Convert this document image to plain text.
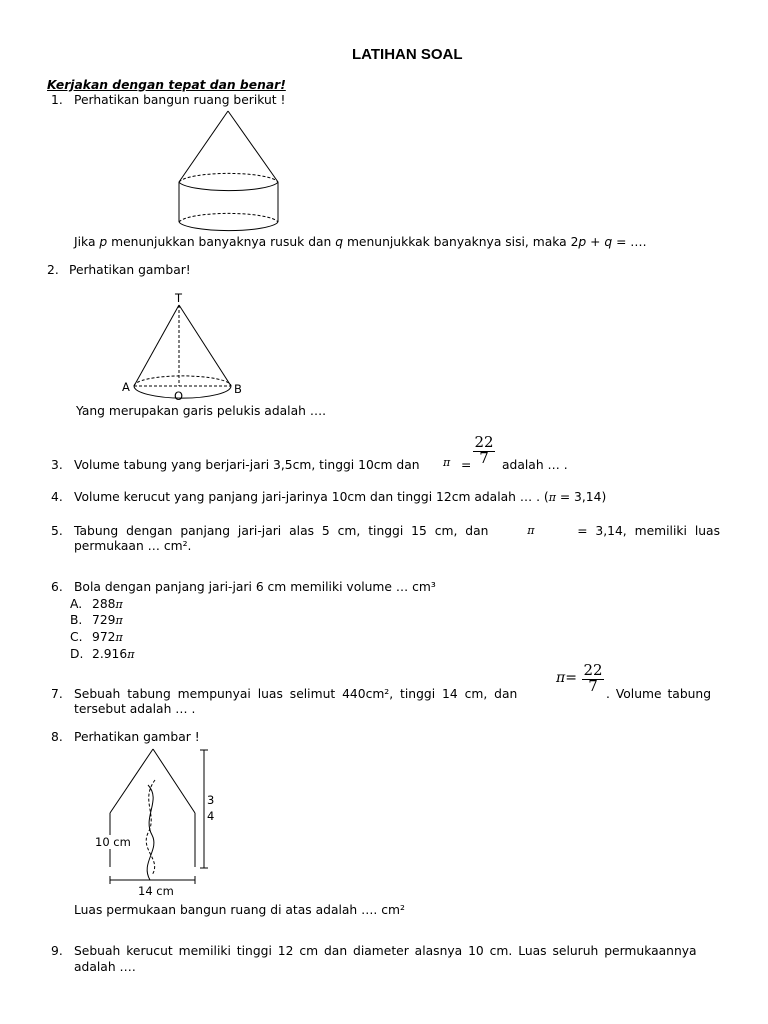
LATIHAN SOAL
Kerjakan dengan tepat dan benar!
1. Perhatikan bangun ruang berikut !
Jika p menunjukkan banyaknya rusuk dan q menunjukkak banyaknya sisi, maka 2p + q = ….
2. Perhatikan gambar!
T
A	B
O
Yang merupakan garis pelukis adalah ….
3. Volume tabung yang berjari-jari 3,5cm, tinggi 10cm dan π =
22
7	adalah … .
4. Volume kerucut yang panjang jari-jarinya 10cm dan tinggi 12cm adalah … . (π = 3,14)
5. Tabung dengan panjang jari-jari alas 5 cm, tinggi 15 cm, dan	π	= 3,14, memiliki luas
permukaan … cm².
6. Bola dengan panjang jari-jari 6 cm memiliki volume … cm³
A. 288π
B. 729π
C. 972π
D. 2.916π
7. Sebuah tabung mempunyai luas selimut 440cm², tinggi 14 cm, dan
π= 22
7 . Volume tabung
tersebut adalah … .
8. Perhatikan gambar !
10 cm
14 cm
3
4
Luas permukaan bangun ruang di atas adalah …. cm²
9. Sebuah kerucut memiliki tinggi 12 cm dan diameter alasnya 10 cm. Luas seluruh permukaannya
adalah ….
